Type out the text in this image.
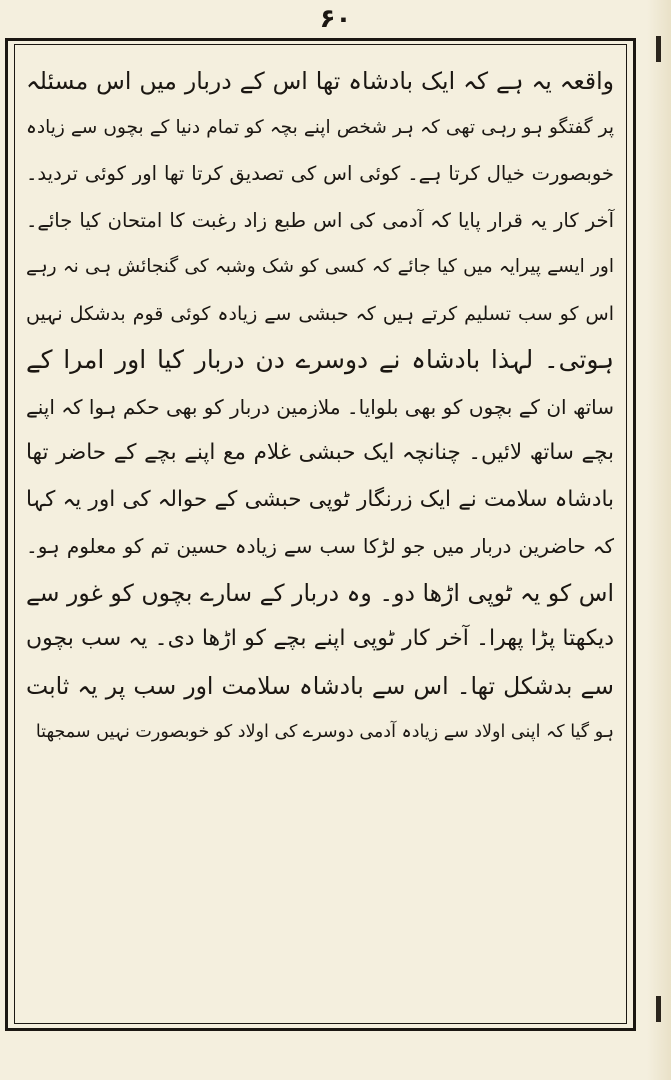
۶۰
واقعہ یہ ہے کہ ایک بادشاہ تھا اس کے دربار میں اس مسئلہ
پر گفتگو ہو رہی تھی کہ ہر شخص اپنے بچہ کو تمام دنیا کے بچوں سے زیادہ
خوبصورت خیال کرتا ہے۔ کوئی اس کی تصدیق کرتا تھا اور کوئی تردید۔
آخر کار یہ قرار پایا کہ آدمی کی اس طبع زاد رغبت کا امتحان کیا جائے۔
اور ایسے پیرایہ میں کیا جائے کہ کسی کو شک وشبہ کی گنجائش ہی نہ رہے
اس کو سب تسلیم کرتے ہیں کہ حبشی سے زیادہ کوئی قوم بدشکل نہیں
ہوتی۔ لہذا بادشاہ نے دوسرے دن دربار کیا اور امرا کے
ساتھ ان کے بچوں کو بھی بلوایا۔ ملازمین دربار کو بھی حکم ہوا کہ اپنے
بچے ساتھ لائیں۔ چنانچہ ایک حبشی غلام مع اپنے بچے کے حاضر تھا
بادشاہ سلامت نے ایک زرنگار ٹوپی حبشی کے حوالہ کی اور یہ کہا
کہ حاضرین دربار میں جو لڑکا سب سے زیادہ حسین تم کو معلوم ہو۔
اس کو یہ ٹوپی اڑھا دو۔ وہ دربار کے سارے بچوں کو غور سے
دیکھتا پڑا پھرا۔ آخر کار ٹوپی اپنے بچے کو اڑھا دی۔ یہ سب بچوں
سے بدشکل تھا۔ اس سے بادشاہ سلامت اور سب پر یہ ثابت
ہو گیا کہ اپنی اولاد سے زیادہ آدمی دوسرے کی اولاد کو خوبصورت نہیں سمجھتا
